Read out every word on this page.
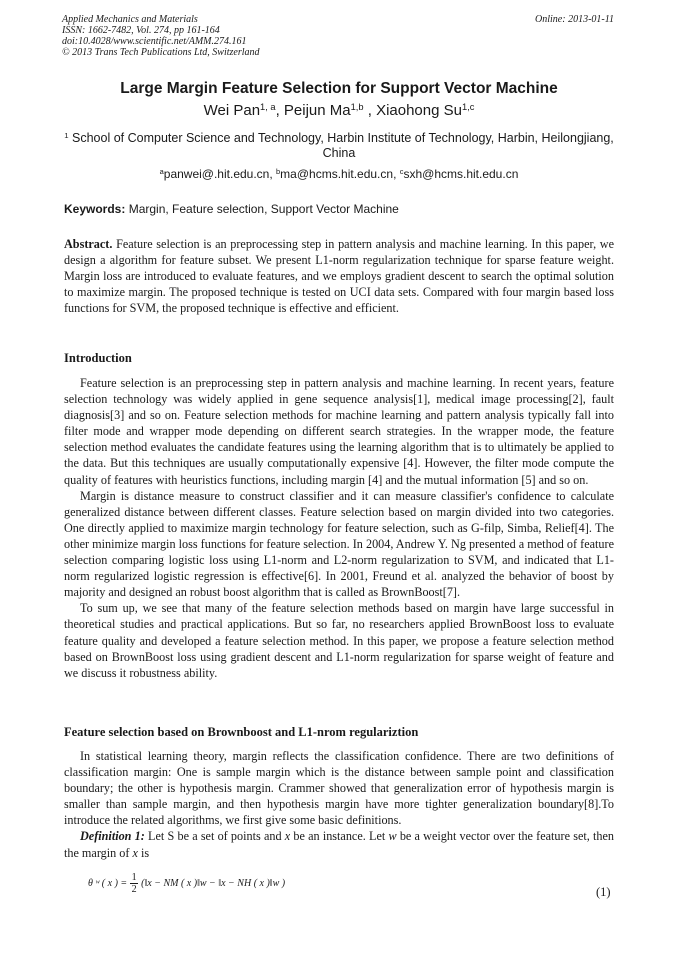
Applied Mechanics and Materials
ISSN: 1662-7482, Vol. 274, pp 161-164
doi:10.4028/www.scientific.net/AMM.274.161
© 2013 Trans Tech Publications Ltd, Switzerland
Online: 2013-01-11
Large Margin Feature Selection for Support Vector Machine
Wei Pan$^{1, a}$, Peijun Ma$^{1,b}$ , Xiaohong Su$^{1,c}$
$^1$ School of Computer Science and Technology, Harbin Institute of Technology, Harbin, Heilongjiang, China
$^a$panwei@.hit.edu.cn, $^b$ma@hcms.hit.edu.cn, $^c$sxh@hcms.hit.edu.cn
Keywords: Margin, Feature selection, Support Vector Machine

Abstract. Feature selection is an preprocessing step in pattern analysis and machine learning. In this paper, we design a algorithm for feature subset. We present L1-norm regularization technique for sparse feature weight. Margin loss are introduced to evaluate features, and we employs gradient descent to search the optimal solution to maximize margin. The proposed technique is tested on UCI data sets. Compared with four margin based loss functions for SVM, the proposed technique is effective and efficient.

Introduction

Feature selection is an preprocessing step in pattern analysis and machine learning. In recent years, feature selection technology was widely applied in gene sequence analysis[1], medical image processing[2], fault diagnosis[3] and so on. Feature selection methods for machine learning and pattern analysis typically fall into filter mode and wrapper mode depending on different search strategies. In the wrapper mode, the feature selection method evaluates the candidate features using the learning algorithm that is to ultimately be applied to the data. But this techniques are usually computationally expensive [4]. However, the filter mode compute the quality of features with heuristics functions, including margin [4] and the mutual information [5] and so on.

Margin is distance measure to construct classifier and it can measure classifier's confidence to calculate generalized distance between different classes. Feature selection based on margin divided into two categories. One directly applied to maximize margin technology for feature selection, such as G-filp, Simba, Relief[4]. The other minimize margin loss functions for feature selection. In 2004, Andrew Y. Ng presented a method of feature selection comparing logistic loss using L1-norm and L2-norm regularization to SVM, and indicated that L1-norm regularized logistic regression is effective[6]. In 2001, Freund et al. analyzed the behavior of boost by majority and designed an robust boost algorithm that is called as BrownBoost[7].

To sum up, we see that many of the feature selection methods based on margin have large successful in theoretical studies and practical applications. But so far, no researchers applied BrownBoost loss to evaluate feature quality and developed a feature selection method. In this paper, we propose a feature selection method based on BrownBoost loss using gradient descent and L1-norm regularization for sparse weight of feature and we discuss it robustness ability.

Feature selection based on Brownboost and L1-nrom regulariztion

In statistical learning theory, margin reflects the classification confidence. There are two definitions of classification margin: One is sample margin which is the distance between sample point and classification boundary; the other is hypothesis margin. Crammer showed that generalization error of hypothesis margin is smaller than sample margin, and then hypothesis margin have more tighter generalization boundary[8].To introduce the related algorithms, we first give some basic definitions.

Definition 1: Let S be a set of points and x be an instance. Let w be a weight vector over the feature set, then the margin of x is

θ ʷ ( x ) = $\frac{1}{2}$ (‖x − NM ( x )‖w − ‖x − NH ( x )‖w )
(1)
